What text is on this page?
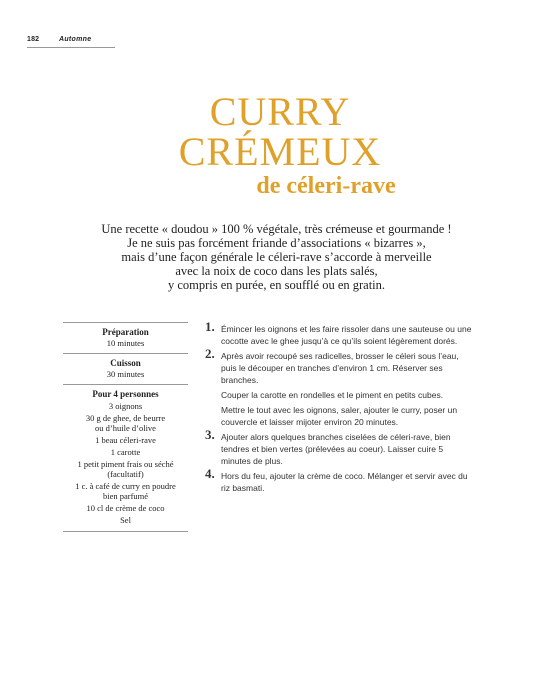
182	Automne
CURRY
CRÉMEUX
de céleri-rave
Une recette « doudou » 100 % végétale, très crémeuse et gourmande !
Je ne suis pas forcément friande d’associations « bizarres »,
mais d’une façon générale le céleri-rave s’accorde à merveille
avec la noix de coco dans les plats salés,
y compris en purée, en soufflé ou en gratin.
Préparation
10 minutes
Cuisson
30 minutes
Pour 4 personnes
3 oignons
30 g de ghee, de beurre ou d’huile d’olive
1 beau céleri-rave
1 carotte
1 petit piment frais ou séché (facultatif)
1 c. à café de curry en poudre bien parfumé
10 cl de crème de coco
Sel
1. Émincer les oignons et les faire rissoler dans une sauteuse ou une cocotte avec le ghee jusqu’à ce qu’ils soient légèrement dorés.

2. Après avoir recoupé ses radicelles, brosser le céleri sous l’eau, puis le découper en tranches d’environ 1 cm. Réserver ses branches.

Couper la carotte en rondelles et le piment en petits cubes.

Mettre le tout avec les oignons, saler, ajouter le curry, poser un couvercle et laisser mijoter environ 20 minutes.

3. Ajouter alors quelques branches ciselées de céleri-rave, bien tendres et bien vertes (prélevées au coeur). Laisser cuire 5 minutes de plus.

4. Hors du feu, ajouter la crème de coco. Mélanger et servir avec du riz basmati.
